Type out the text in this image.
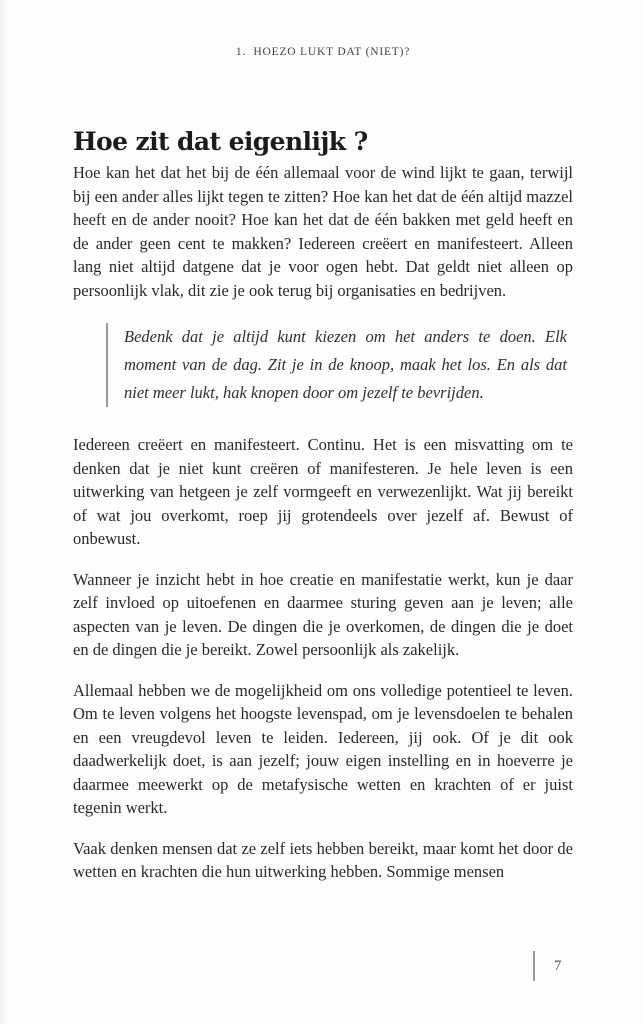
1.  HOEZO LUKT DAT (NIET)?
Hoe zit dat eigenlijk ?

Hoe kan het dat het bij de één allemaal voor de wind lijkt te gaan, terwijl bij een ander alles lijkt tegen te zitten? Hoe kan het dat de één altijd mazzel heeft en de ander nooit? Hoe kan het dat de één bakken met geld heeft en de ander geen cent te makken? Iedereen creëert en manifesteert. Alleen lang niet altijd datgene dat je voor ogen hebt. Dat geldt niet alleen op persoonlijk vlak, dit zie je ook terug bij organisaties en bedrijven.

Bedenk dat je altijd kunt kiezen om het anders te doen. Elk moment van de dag. Zit je in de knoop, maak het los. En als dat niet meer lukt, hak knopen door om jezelf te bevrijden.

Iedereen creëert en manifesteert. Continu. Het is een misvatting om te denken dat je niet kunt creëren of manifesteren. Je hele leven is een uitwerking van hetgeen je zelf vormgeeft en verwezenlijkt. Wat jij bereikt of wat jou overkomt, roep jij grotendeels over jezelf af. Bewust of onbewust.

Wanneer je inzicht hebt in hoe creatie en manifestatie werkt, kun je daar zelf invloed op uitoefenen en daarmee sturing geven aan je leven; alle aspecten van je leven. De dingen die je overkomen, de dingen die je doet en de dingen die je bereikt. Zowel persoonlijk als zakelijk.

Allemaal hebben we de mogelijkheid om ons volledige potentieel te leven. Om te leven volgens het hoogste levenspad, om je levensdoelen te behalen en een vreugdevol leven te leiden. Iedereen, jij ook. Of je dit ook daadwerkelijk doet, is aan jezelf; jouw eigen instelling en in hoeverre je daarmee meewerkt op de metafysische wetten en krachten of er juist tegenin werkt.

Vaak denken mensen dat ze zelf iets hebben bereikt, maar komt het door de wetten en krachten die hun uitwerking hebben. Sommige mensen

7
